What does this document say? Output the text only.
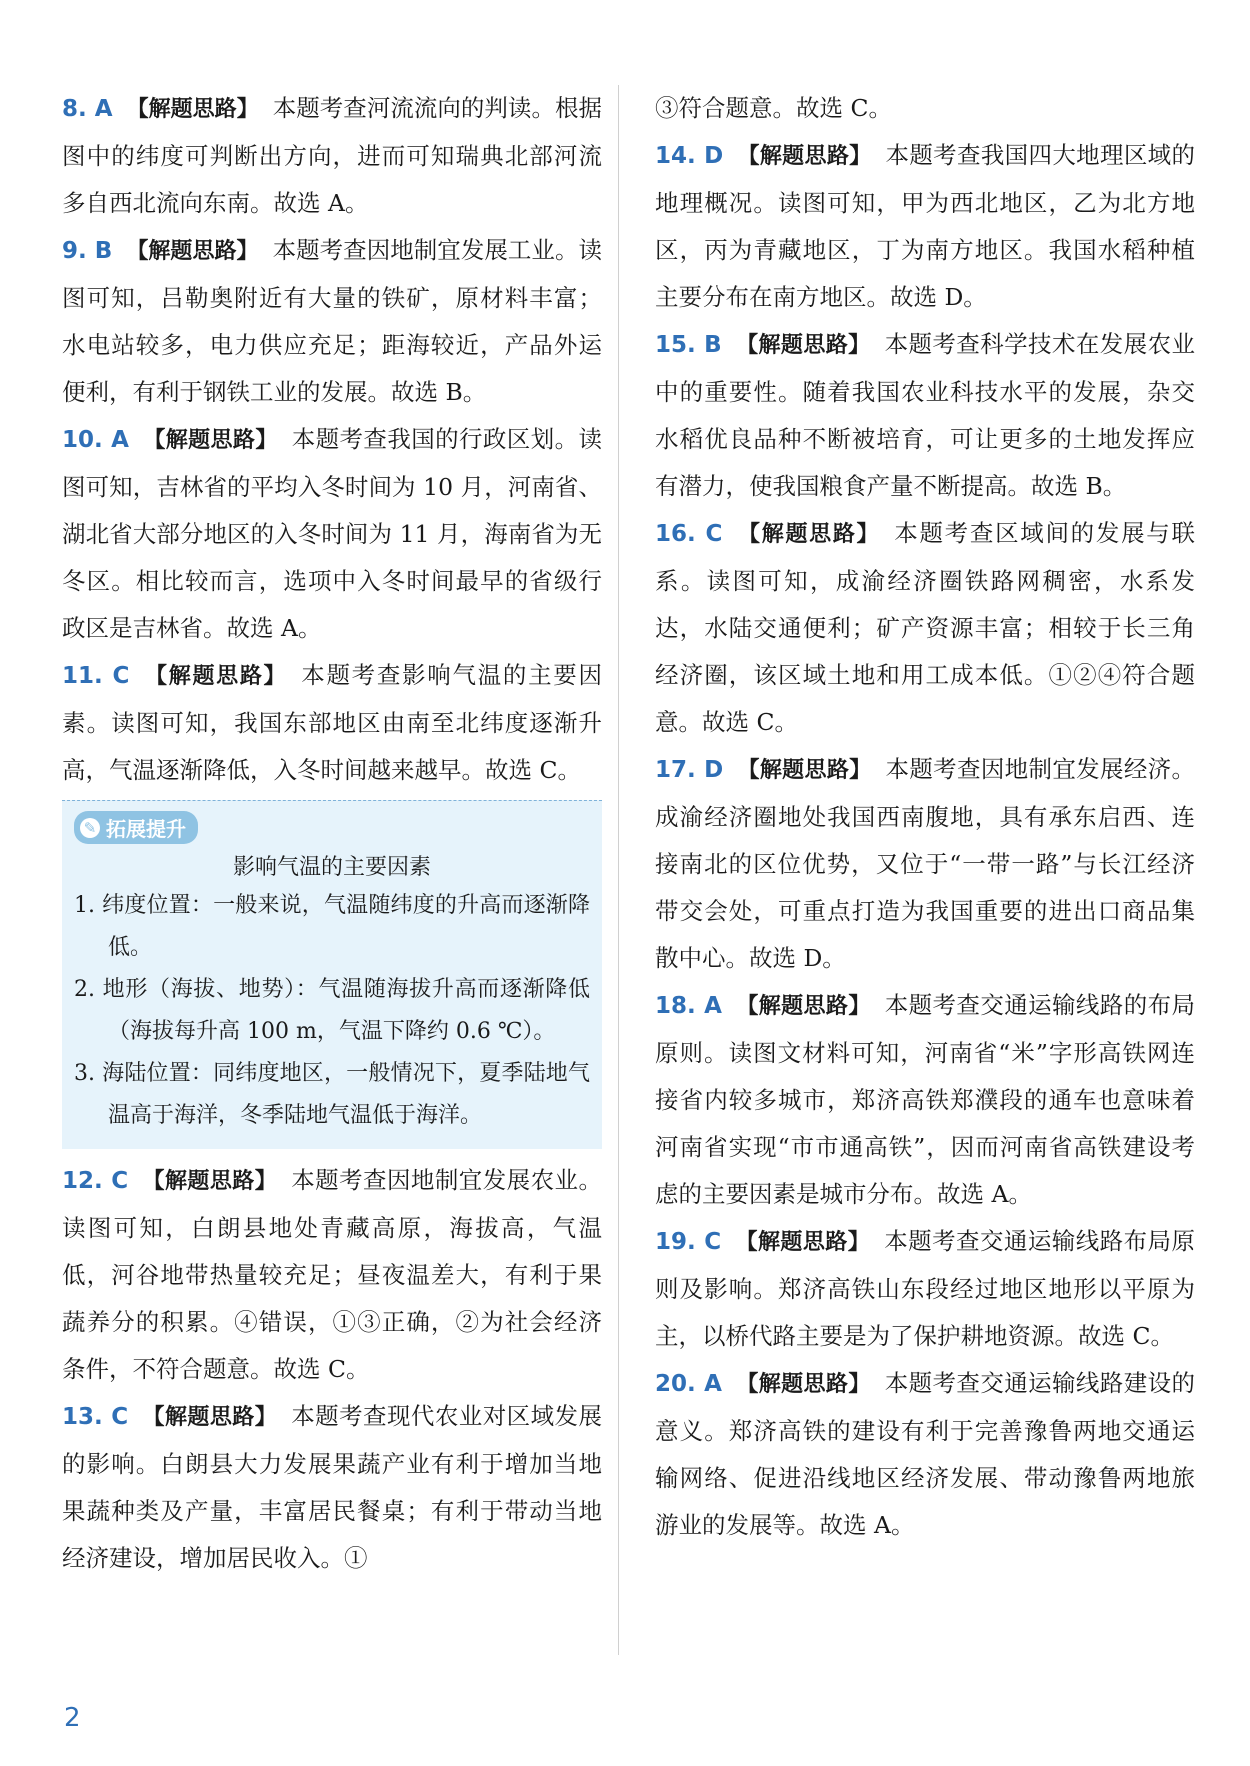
8. A 【解题思路】 本题考查河流流向的判读。根据图中的纬度可判断出方向，进而可知瑞典北部河流多自西北流向东南。故选 A。
9. B 【解题思路】 本题考查因地制宜发展工业。读图可知，吕勒奥附近有大量的铁矿，原材料丰富；水电站较多，电力供应充足；距海较近，产品外运便利，有利于钢铁工业的发展。故选 B。
10. A 【解题思路】 本题考查我国的行政区划。读图可知，吉林省的平均入冬时间为 10 月，河南省、湖北省大部分地区的入冬时间为 11 月，海南省为无冬区。相比较而言，选项中入冬时间最早的省级行政区是吉林省。故选 A。
11. C 【解题思路】 本题考查影响气温的主要因素。读图可知，我国东部地区由南至北纬度逐渐升高，气温逐渐降低，入冬时间越来越早。故选 C。
✎ 拓展提升
影响气温的主要因素
1. 纬度位置：一般来说，气温随纬度的升高而逐渐降低。
2. 地形（海拔、地势）：气温随海拔升高而逐渐降低（海拔每升高 100 m，气温下降约 0.6 ℃）。
3. 海陆位置：同纬度地区，一般情况下，夏季陆地气温高于海洋，冬季陆地气温低于海洋。
12. C 【解题思路】 本题考查因地制宜发展农业。读图可知，白朗县地处青藏高原，海拔高，气温低，河谷地带热量较充足；昼夜温差大，有利于果蔬养分的积累。④错误，①③正确，②为社会经济条件，不符合题意。故选 C。
13. C 【解题思路】 本题考查现代农业对区域发展的影响。白朗县大力发展果蔬产业有利于增加当地果蔬种类及产量，丰富居民餐桌；有利于带动当地经济建设，增加居民收入。①
③符合题意。故选 C。
14. D 【解题思路】 本题考查我国四大地理区域的地理概况。读图可知，甲为西北地区，乙为北方地区，丙为青藏地区，丁为南方地区。我国水稻种植主要分布在南方地区。故选 D。
15. B 【解题思路】 本题考查科学技术在发展农业中的重要性。随着我国农业科技水平的发展，杂交水稻优良品种不断被培育，可让更多的土地发挥应有潜力，使我国粮食产量不断提高。故选 B。
16. C 【解题思路】 本题考查区域间的发展与联系。读图可知，成渝经济圈铁路网稠密，水系发达，水陆交通便利；矿产资源丰富；相较于长三角经济圈，该区域土地和用工成本低。①②④符合题意。故选 C。
17. D 【解题思路】 本题考查因地制宜发展经济。成渝经济圈地处我国西南腹地，具有承东启西、连接南北的区位优势，又位于“一带一路”与长江经济带交会处，可重点打造为我国重要的进出口商品集散中心。故选 D。
18. A 【解题思路】 本题考查交通运输线路的布局原则。读图文材料可知，河南省“米”字形高铁网连接省内较多城市，郑济高铁郑濮段的通车也意味着河南省实现“市市通高铁”，因而河南省高铁建设考虑的主要因素是城市分布。故选 A。
19. C 【解题思路】 本题考查交通运输线路布局原则及影响。郑济高铁山东段经过地区地形以平原为主，以桥代路主要是为了保护耕地资源。故选 C。
20. A 【解题思路】 本题考查交通运输线路建设的意义。郑济高铁的建设有利于完善豫鲁两地交通运输网络、促进沿线地区经济发展、带动豫鲁两地旅游业的发展等。故选 A。
2
